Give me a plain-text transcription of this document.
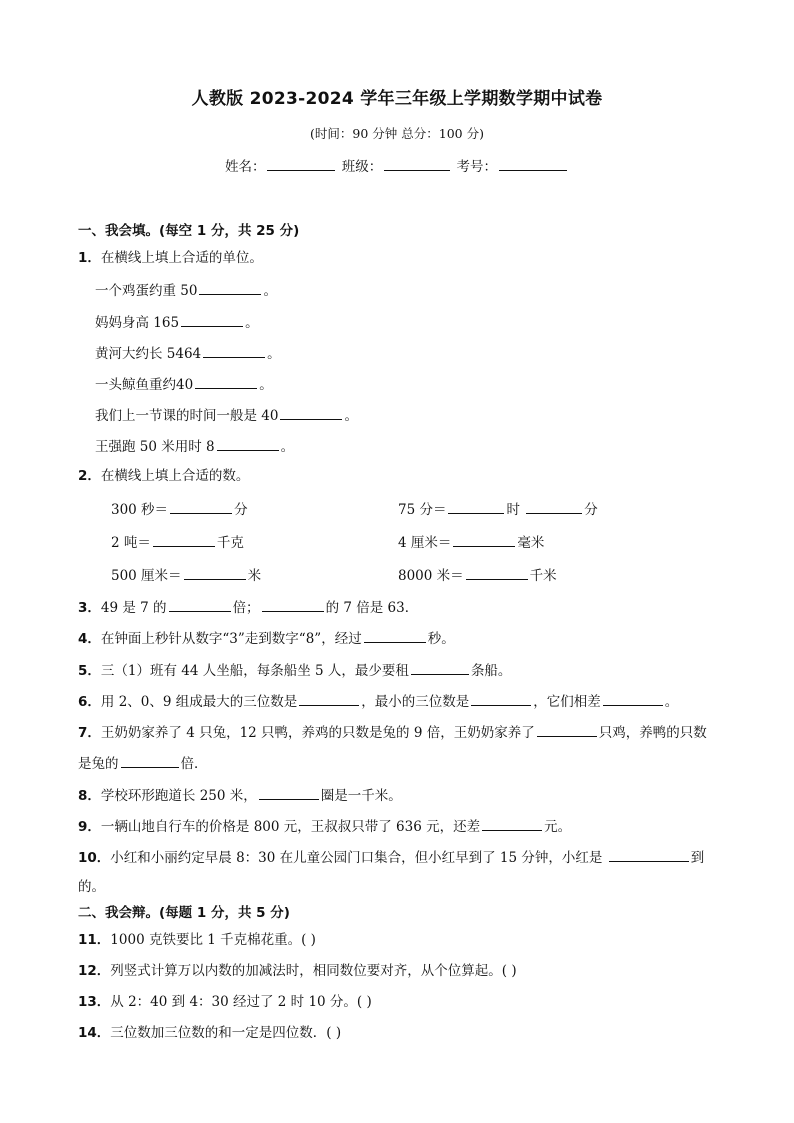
人教版 2023-2024 学年三年级上学期数学期中试卷
(时间：90 分钟 总分：100 分)
姓名：	班级：	考号：
一、我会填。(每空 1 分，共 25 分)
1．在横线上填上合适的单位。
一个鸡蛋约重 50	。
妈妈身高 165	。
黄河大约长 5464	。
一头鲸鱼重约40	。
我们上一节课的时间一般是 40	。
王强跑 50 米用时 8	。
2．在横线上填上合适的数。
300 秒＝	分	75 分＝	时	分
2 吨＝	千克	4 厘米＝	毫米
500 厘米＝	米	8000 米＝	千米
3．49 是 7 的	倍；	的 7 倍是 63．
4．在钟面上秒针从数字“3”走到数字“8”，经过	秒。
5．三（1）班有 44 人坐船，每条船坐 5 人，最少要租	条船。
6．用 2、0、9 组成最大的三位数是	，最小的三位数是	，它们相差	。
7．王奶奶家养了 4 只兔，12 只鸭，养鸡的只数是兔的 9 倍，王奶奶家养了	只鸡，养鸭的只数
是兔的	倍．
8．学校环形跑道长 250 米，	圈是一千米。
9．一辆山地自行车的价格是 800 元，王叔叔只带了 636 元，还差	元。
10．小红和小丽约定早晨 8：30 在儿童公园门口集合，但小红早到了 15 分钟，小红是	到
的。
二、我会辩。(每题 1 分，共 5 分)
11．1000 克铁要比 1 千克棉花重。( )
12．列竖式计算万以内数的加减法时，相同数位要对齐，从个位算起。( )
13．从 2：40 到 4：30 经过了 2 时 10 分。( )
14．三位数加三位数的和一定是四位数．( )
